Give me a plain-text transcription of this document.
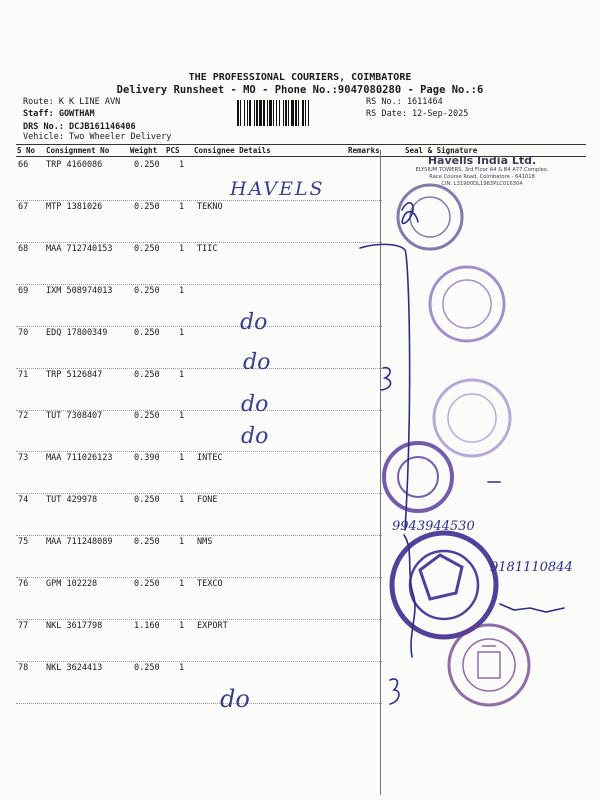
THE PROFESSIONAL COURIERS, COIMBATORE
Delivery Runsheet - MO - Phone No.:9047080280 - Page No.:6
Route: K K LINE AVN
Staff: GOWTHAM
DRS No.: DCJB161146406
Vehicle: Two Wheeler Delivery
RS No.: 1611464
RS Date: 12-Sep-2025
S No Consignment No	Weight PCS Consignee Details	Remarks	Seal & Signature
66 TRP 4160086	0.250 1
67 MTP 1381026	0.250 1 TEKNO
68 MAA 712740153	0.250 1 TIIC
69 IXM 508974013	0.250 1
70 EDQ 17800349	0.250 1
71 TRP 5126847	0.250 1
72 TUT 7308407	0.250 1
73 MAA 711026123	0.390 1 INTEC
74 TUT 429978	0.250 1 FONE
75 MAA 711248089	0.250 1 NMS
76 GPM 102228	0.250 1 TEXCO
77 NKL 3617798	1.160 1 EXPORT
78 NKL 3624413	0.250 1
Havells India Ltd.
ELYSIUM TOWERS, 3rd Floor A4 & B4 A77 Complex,
Race Course Road, Coimbatore - 641018
CIN: L31900DL1983PLC016304
HAVELS
9943944530
9181110844
do
do
do
do
do
